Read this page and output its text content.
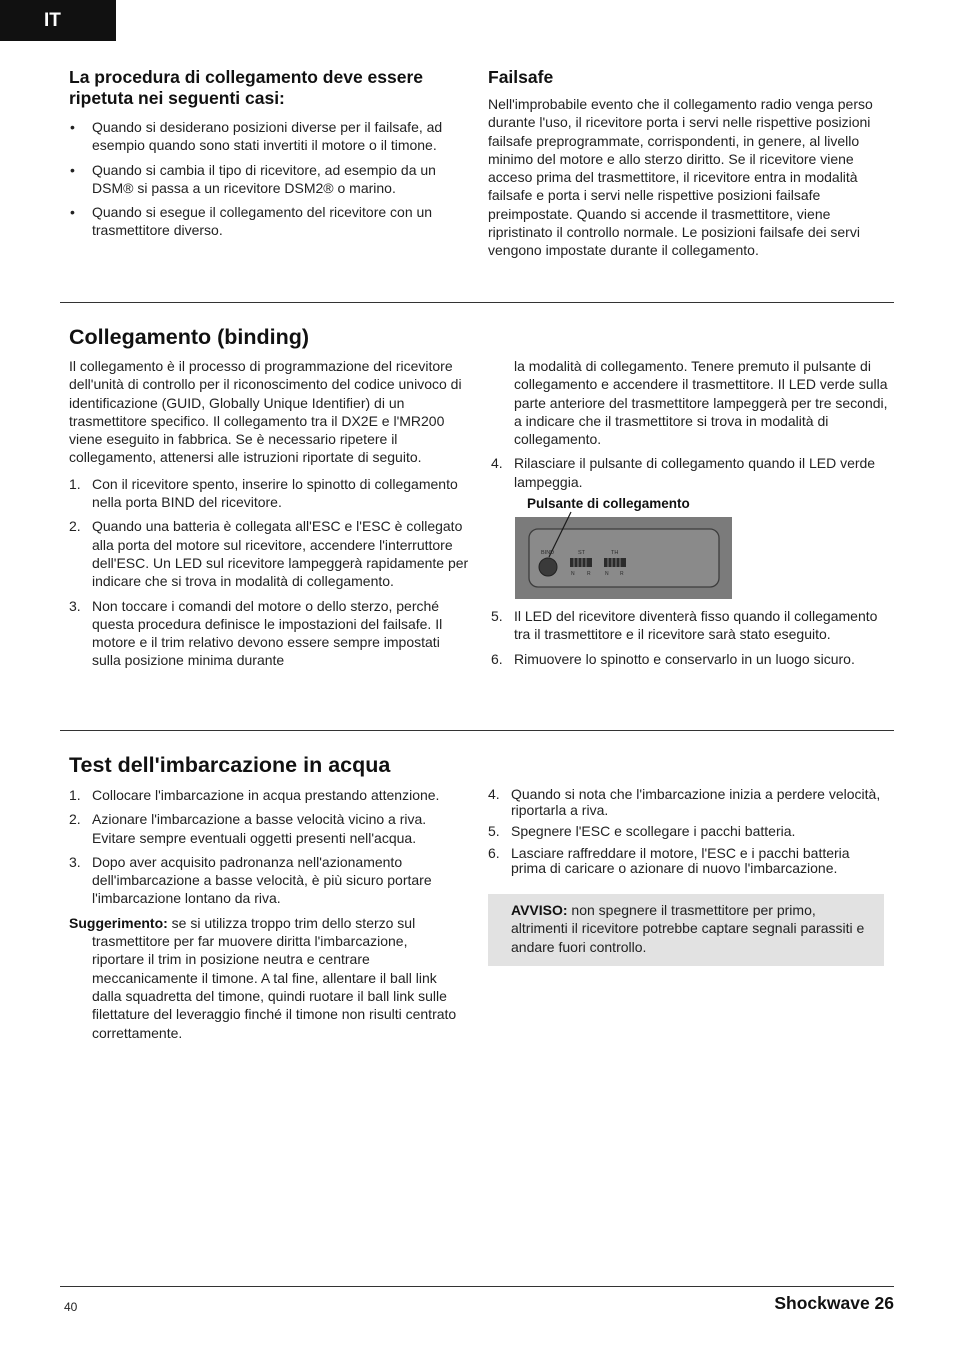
IT
La procedura di collegamento deve essere ripetuta nei seguenti casi:
• Quando si desiderano posizioni diverse per il failsafe, ad esempio quando sono stati invertiti il motore o il timone.
• Quando si cambia il tipo di ricevitore, ad esempio da un DSM® si passa a un ricevitore DSM2® o marino.
• Quando si esegue il collegamento del ricevitore con un trasmettitore diverso.
Failsafe

Nell'improbabile evento che il collegamento radio venga perso durante l'uso, il ricevitore porta i servi nelle rispettive posizioni failsafe preprogrammate, corrispondenti, in genere, al livello minimo del motore e allo sterzo diritto. Se il ricevitore viene acceso prima del trasmettitore, il ricevitore entra in modalità failsafe e porta i servi nelle rispettive posizioni failsafe preimpostate. Quando si accende il trasmettitore, viene ripristinato il controllo normale. Le posizioni failsafe dei servi vengono impostate durante il collegamento.

Collegamento (binding)

Il collegamento è il processo di programmazione del ricevitore dell'unità di controllo per il riconoscimento del codice univoco di identificazione (GUID, Globally Unique Identifier) di un trasmettitore specifico. Il collegamento tra il DX2E e l'MR200 viene eseguito in fabbrica. Se è necessario ripetere il collegamento, attenersi alle istruzioni riportate di seguito.

1. Con il ricevitore spento, inserire lo spinotto di collegamento nella porta BIND del ricevitore.
2. Quando una batteria è collegata all'ESC e l'ESC è collegato alla porta del motore sul ricevitore, accendere l'interruttore dell'ESC. Un LED sul ricevitore lampeggerà rapidamente per indicare che si trova in modalità di collegamento.
3. Non toccare i comandi del motore o dello sterzo, perché questa procedura definisce le impostazioni del failsafe. Il motore e il trim relativo devono essere sempre impostati sulla posizione minima durante

la modalità di collegamento. Tenere premuto il pulsante di collegamento e accendere il trasmettitore. Il LED verde sulla parte anteriore del trasmettitore lampeggerà per tre secondi, a indicare che il trasmettitore si trova in modalità di collegamento.

4. Rilasciare il pulsante di collegamento quando il LED verde lampeggia.
Pulsante di collegamento
BIND	ST	TH
N R	N R
5. Il LED del ricevitore diventerà fisso quando il collegamento tra il trasmettitore e il ricevitore sarà stato eseguito.
6. Rimuovere lo spinotto e conservarlo in un luogo sicuro.
Test dell'imbarcazione in acqua
1. Collocare l'imbarcazione in acqua prestando attenzione.
2. Azionare l'imbarcazione a basse velocità vicino a riva. Evitare sempre eventuali oggetti presenti nell'acqua.
3. Dopo aver acquisito padronanza nell'azionamento dell'imbarcazione a basse velocità, è più sicuro portare l'imbarcazione lontano da riva.

Suggerimento: se si utilizza troppo trim dello sterzo sul trasmettitore per far muovere diritta l'imbarcazione, riportare il trim in posizione neutra e centrare meccanicamente il timone. A tal fine, allentare il ball link dalla squadretta del timone, quindi ruotare il ball link sulle filettature del leveraggio finché il timone non risulti centrato correttamente.

4. Quando si nota che l'imbarcazione inizia a perdere velocità, riportarla a riva.
5. Spegnere l'ESC e scollegare i pacchi batteria.
6. Lasciare raffreddare il motore, l'ESC e i pacchi batteria prima di caricare o azionare di nuovo l'imbarcazione.

AVVISO: non spegnere il trasmettitore per primo, altrimenti il ricevitore potrebbe captare segnali parassiti e andare fuori controllo.

40	Shockwave 26
